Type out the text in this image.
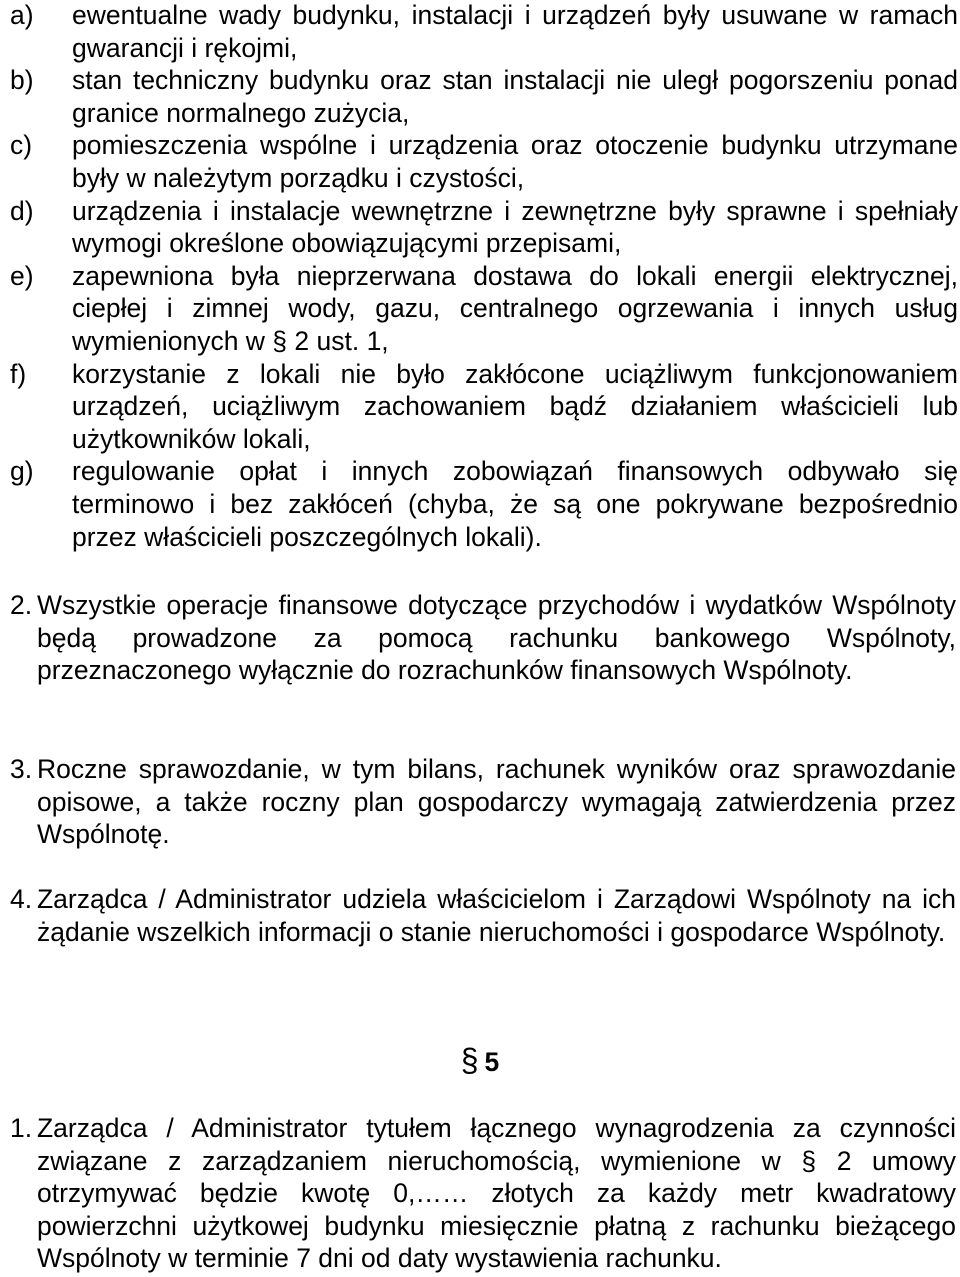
a)	ewentualne wady budynku, instalacji i urządzeń były usuwane w ramach gwarancji i rękojmi,
b)	stan techniczny budynku oraz stan instalacji nie uległ pogorszeniu ponad granice normalnego zużycia,
c)	pomieszczenia wspólne i urządzenia oraz otoczenie budynku utrzymane były w należytym porządku i czystości,
d)	urządzenia i instalacje wewnętrzne i zewnętrzne były sprawne i spełniały wymogi określone obowiązującymi przepisami,
e)	zapewniona była nieprzerwana dostawa do lokali energii elektrycznej, ciepłej i zimnej wody, gazu, centralnego ogrzewania i innych usług wymienionych w § 2 ust. 1,
f)	korzystanie z lokali nie było zakłócone uciążliwym funkcjonowaniem urządzeń, uciążliwym zachowaniem bądź działaniem właścicieli lub użytkowników lokali,
g)	regulowanie opłat i innych zobowiązań finansowych odbywało się terminowo i bez zakłóceń (chyba, że są one pokrywane bezpośrednio przez właścicieli poszczególnych lokali).
2. Wszystkie operacje finansowe dotyczące przychodów i wydatków Wspólnoty będą prowadzone za pomocą rachunku bankowego Wspólnoty, przeznaczonego wyłącznie do rozrachunków finansowych Wspólnoty.
3. Roczne sprawozdanie, w tym bilans, rachunek wyników oraz sprawozdanie opisowe, a także roczny plan gospodarczy wymagają zatwierdzenia przez Wspólnotę.
4. Zarządca / Administrator udziela właścicielom i Zarządowi Wspólnoty na ich żądanie wszelkich informacji o stanie nieruchomości i gospodarce Wspólnoty.
§ 5
1. Zarządca / Administrator tytułem łącznego wynagrodzenia za czynności związane z zarządzaniem nieruchomością, wymienione w § 2 umowy otrzymywać będzie kwotę 0,…… złotych za każdy metr kwadratowy powierzchni użytkowej budynku miesięcznie płatną z rachunku bieżącego Wspólnoty w terminie 7 dni od daty wystawienia rachunku.
